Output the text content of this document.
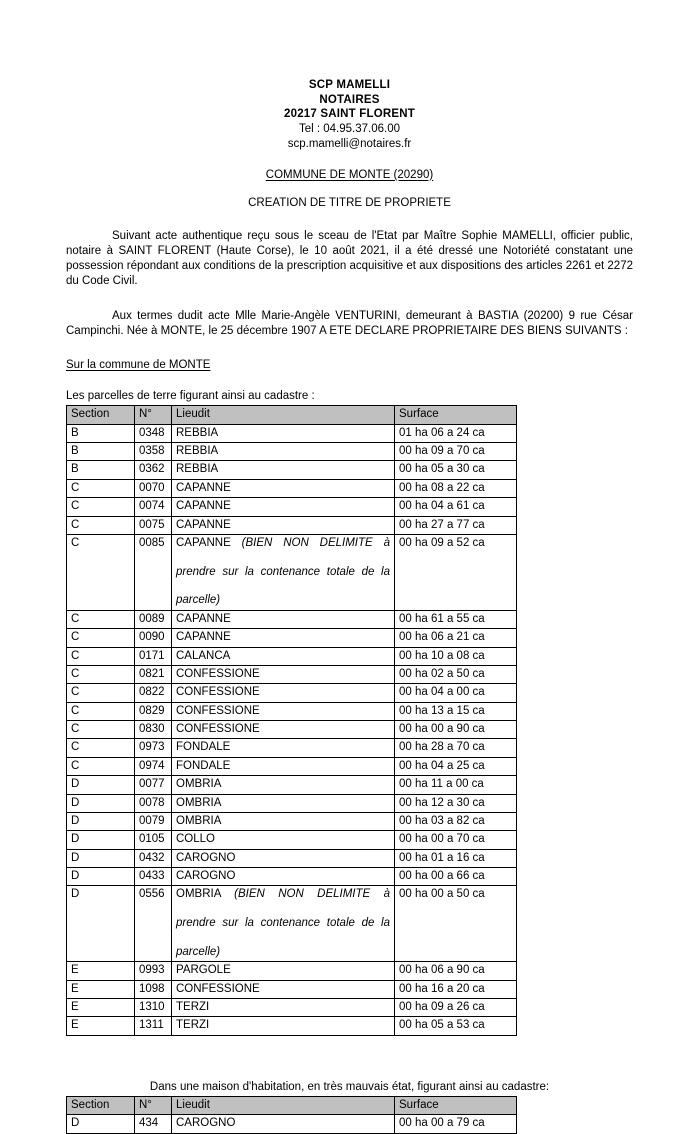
SCP MAMELLI
NOTAIRES
20217 SAINT FLORENT
Tel : 04.95.37.06.00
scp.mamelli@notaires.fr
COMMUNE DE MONTE (20290)
CREATION DE TITRE DE PROPRIETE

Suivant acte authentique reçu sous le sceau de l'Etat par Maître Sophie MAMELLI, officier public, notaire à SAINT FLORENT (Haute Corse), le 10 août 2021, il a été dressé une Notoriété constatant une possession répondant aux conditions de la prescription acquisitive et aux dispositions des articles 2261 et 2272 du Code Civil.

Aux termes dudit acte Mlle Marie-Angèle VENTURINI, demeurant à BASTIA (20200) 9 rue César Campinchi. Née à MONTE, le 25 décembre 1907 A ETE DECLARE PROPRIETAIRE DES BIENS SUIVANTS :

Sur la commune de MONTE
Les parcelles de terre figurant ainsi au cadastre :
Section	N°	Lieudit	Surface
B	0348	REBBIA	01 ha 06 a 24 ca
B	0358	REBBIA	00 ha 09 a 70 ca
B	0362	REBBIA	00 ha 05 a 30 ca
C	0070	CAPANNE	00 ha 08 a 22 ca
C	0074	CAPANNE	00 ha 04 a 61 ca
C	0075	CAPANNE	00 ha 27 a 77 ca
C	0085	CAPANNE (BIEN NON DELIMITE à
prendre sur la contenance totale de la
parcelle)	00 ha 09 a 52 ca
C	0089	CAPANNE	00 ha 61 a 55 ca
C	0090	CAPANNE	00 ha 06 a 21 ca
C	0171	CALANCA	00 ha 10 a 08 ca
C	0821	CONFESSIONE	00 ha 02 a 50 ca
C	0822	CONFESSIONE	00 ha 04 a 00 ca
C	0829	CONFESSIONE	00 ha 13 a 15 ca
C	0830	CONFESSIONE	00 ha 00 a 90 ca
C	0973	FONDALE	00 ha 28 a 70 ca
C	0974	FONDALE	00 ha 04 a 25 ca
D	0077	OMBRIA	00 ha 11 a 00 ca
D	0078	OMBRIA	00 ha 12 a 30 ca
D	0079	OMBRIA	00 ha 03 a 82 ca
D	0105	COLLO	00 ha 00 a 70 ca
D	0432	CAROGNO	00 ha 01 a 16 ca
D	0433	CAROGNO	00 ha 00 a 66 ca
D	0556	OMBRIA (BIEN NON DELIMITE à
prendre sur la contenance totale de la
parcelle)	00 ha 00 a 50 ca
E	0993	PARGOLE	00 ha 06 a 90 ca
E	1098	CONFESSIONE	00 ha 16 a 20 ca
E	1310	TERZI	00 ha 09 a 26 ca
E	1311	TERZI	00 ha 05 a 53 ca
Dans une maison d'habitation, en très mauvais état, figurant ainsi au cadastre:
Section	N°	Lieudit	Surface
D	434	CAROGNO	00 ha 00 a 79 ca
